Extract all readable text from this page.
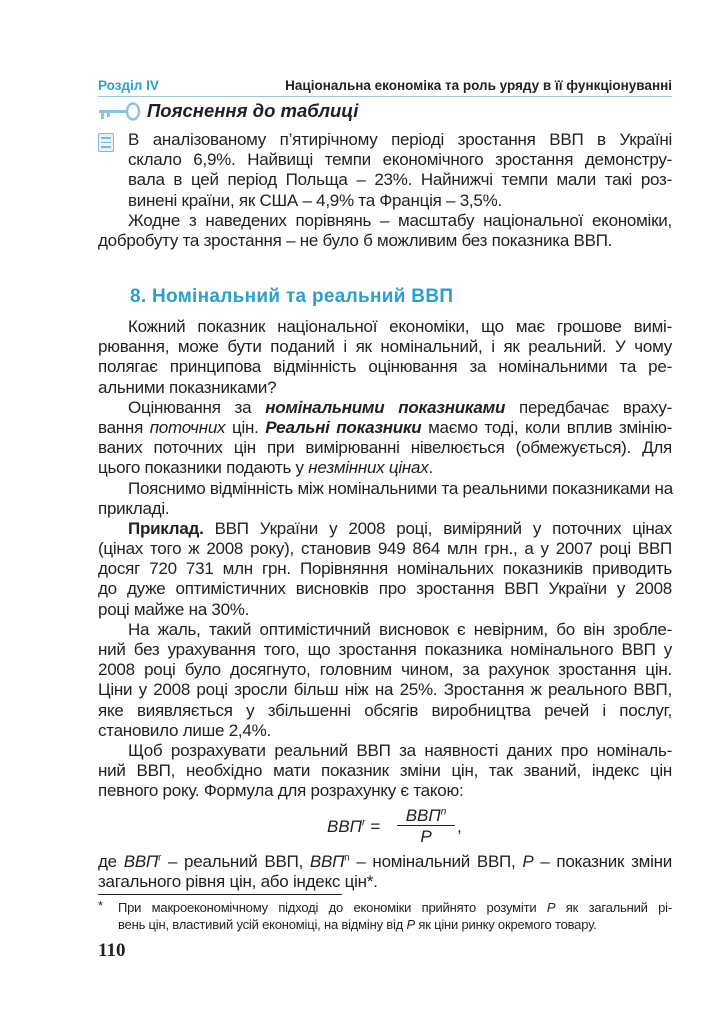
Розділ IV	Національна економіка та роль уряду в її функціонуванні
Пояснення до таблиці
В аналізованому п’ятирічному періоді зростання ВВП в Україні
склало 6,9%. Найвищі темпи економічного зростання демонстру-
вала в цей період Польща – 23%. Найнижчі темпи мали такі роз-
винені країни, як США – 4,9% та Франція – 3,5%.
Жодне з наведених порівнянь – масштабу національної економіки,
добробуту та зростання – не було б можливим без показника ВВП.
8. Номінальний та реальний ВВП
Кожний показник національної економіки, що має грошове вимі-
рювання, може бути поданий і як номінальний, і як реальний. У чому
полягає принципова відмінність оцінювання за номінальними та ре-
альними показниками?
Оцінювання за номінальними показниками передбачає враху-
вання поточних цін. Реальні показники маємо тоді, коли вплив змінію-
ваних поточних цін при вимірюванні нівелюється (обмежується). Для
цього показники подають у незмінних цінах.
Пояснимо відмінність між номінальними та реальними показниками на
прикладі.
Приклад. ВВП України у 2008 році, виміряний у поточних цінах
(цінах того ж 2008 року), становив 949 864 млн грн., а у 2007 році ВВП
досяг 720 731 млн грн. Порівняння номінальних показників приводить
до дуже оптимістичних висновків про зростання ВВП України у 2008
році майже на 30%.
На жаль, такий оптимістичний висновок є невірним, бо він зробле-
ний без урахування того, що зростання показника номінального ВВП у
2008 році було досягнуто, головним чином, за рахунок зростання цін.
Ціни у 2008 році зросли більш ніж на 25%. Зростання ж реального ВВП,
яке виявляється у збільшенні обсягів виробництва речей і послуг,
становило лише 2,4%.
Щоб розрахувати реальний ВВП за наявності даних про номіналь-
ний ВВП, необхідно мати показник зміни цін, так званий, індекс цін
певного року. Формула для розрахунку є такою:
$ВВП^r$ =
$ВВП^n$
P
,
де ВВП$^r$ – реальний ВВП, ВВП$^n$ – номінальний ВВП, P – показник зміни
загального рівня цін, або індекс цін*.
*	При макроекономічному підході до економіки прийнято розуміти P як загальний рі-
вень цін, властивий усій економіці, на відміну від P як ціни ринку окремого товару.
110
